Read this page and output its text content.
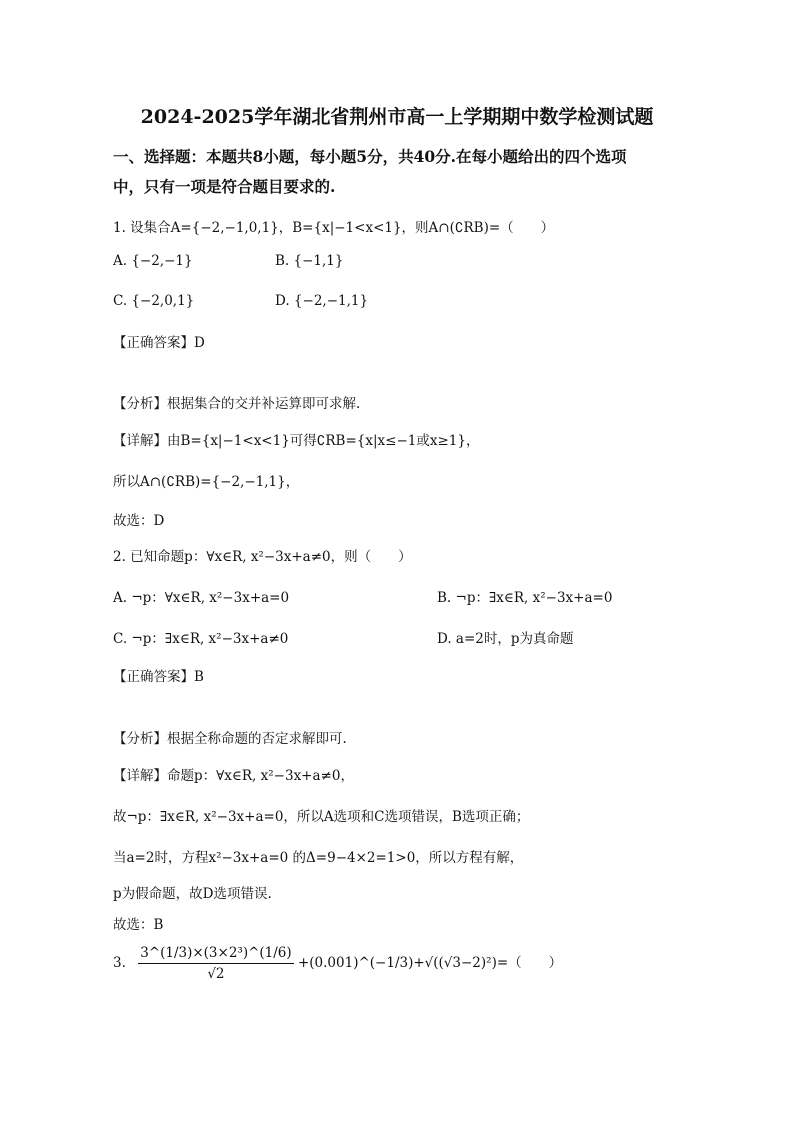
2024-2025学年湖北省荆州市高一上学期期中数学检测试题
一、选择题：本题共8小题，每小题5分，共40分.在每小题给出的四个选项
中，只有一项是符合题目要求的.
1. 设集合A={−2,−1,0,1}，B={x|−1<x<1}，则A∩(∁RB)=（　　）
A. {−2,−1}	B. {−1,1}
C. {−2,0,1}	D. {−2,−1,1}
【正确答案】D
【分析】根据集合的交并补运算即可求解.
【详解】由B={x|−1<x<1}可得∁RB={x|x≤−1或x≥1}，
所以A∩(∁RB)={−2,−1,1}，
故选：D
2. 已知命题p：∀x∈R, x²−3x+a≠0，则（　　）
A. ¬p：∀x∈R, x²−3x+a=0	B. ¬p：∃x∈R, x²−3x+a=0
C. ¬p：∃x∈R, x²−3x+a≠0	D. a=2时，p为真命题
【正确答案】B
【分析】根据全称命题的否定求解即可.
【详解】命题p：∀x∈R, x²−3x+a≠0，
故¬p：∃x∈R, x²−3x+a=0，所以A选项和C选项错误，B选项正确；
当a=2时，方程x²−3x+a=0 的Δ=9−4×2=1>0，所以方程有解，
p为假命题，故D选项错误.
故选：B
3. $\frac{\text{3\textasciicircum{}(1/3)×(3×2³)\textasciicircum{}(1/6)}}{√2}$ +(0.001)^(−1/3)+√((√3−2)²)=（　　）
